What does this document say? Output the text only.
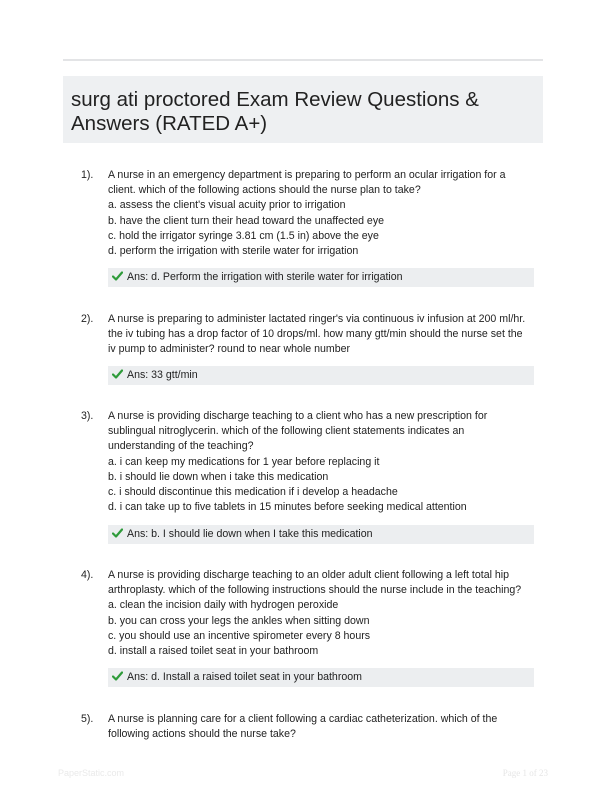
surg ati proctored Exam Review Questions & Answers (RATED A+)
1). A nurse in an emergency department is preparing to perform an ocular irrigation for a
client. which of the following actions should the nurse plan to take?
a. assess the client's visual acuity prior to irrigation
b. have the client turn their head toward the unaffected eye
c. hold the irrigator syringe 3.81 cm (1.5 in) above the eye
d. perform the irrigation with sterile water for irrigation
Ans: d. Perform the irrigation with sterile water for irrigation
2). A nurse is preparing to administer lactated ringer's via continuous iv infusion at 200 ml/hr.
the iv tubing has a drop factor of 10 drops/ml. how many gtt/min should the nurse set the
iv pump to administer? round to near whole number
Ans: 33 gtt/min
3). A nurse is providing discharge teaching to a client who has a new prescription for
sublingual nitroglycerin. which of the following client statements indicates an
understanding of the teaching?
a. i can keep my medications for 1 year before replacing it
b. i should lie down when i take this medication
c. i should discontinue this medication if i develop a headache
d. i can take up to five tablets in 15 minutes before seeking medical attention
Ans: b. I should lie down when I take this medication
4). A nurse is providing discharge teaching to an older adult client following a left total hip
arthroplasty. which of the following instructions should the nurse include in the teaching?
a. clean the incision daily with hydrogen peroxide
b. you can cross your legs the ankles when sitting down
c. you should use an incentive spirometer every 8 hours
d. install a raised toilet seat in your bathroom
Ans: d. Install a raised toilet seat in your bathroom
5). A nurse is planning care for a client following a cardiac catheterization. which of the
following actions should the nurse take?
PaperStatic.com	Page 1 of 23
